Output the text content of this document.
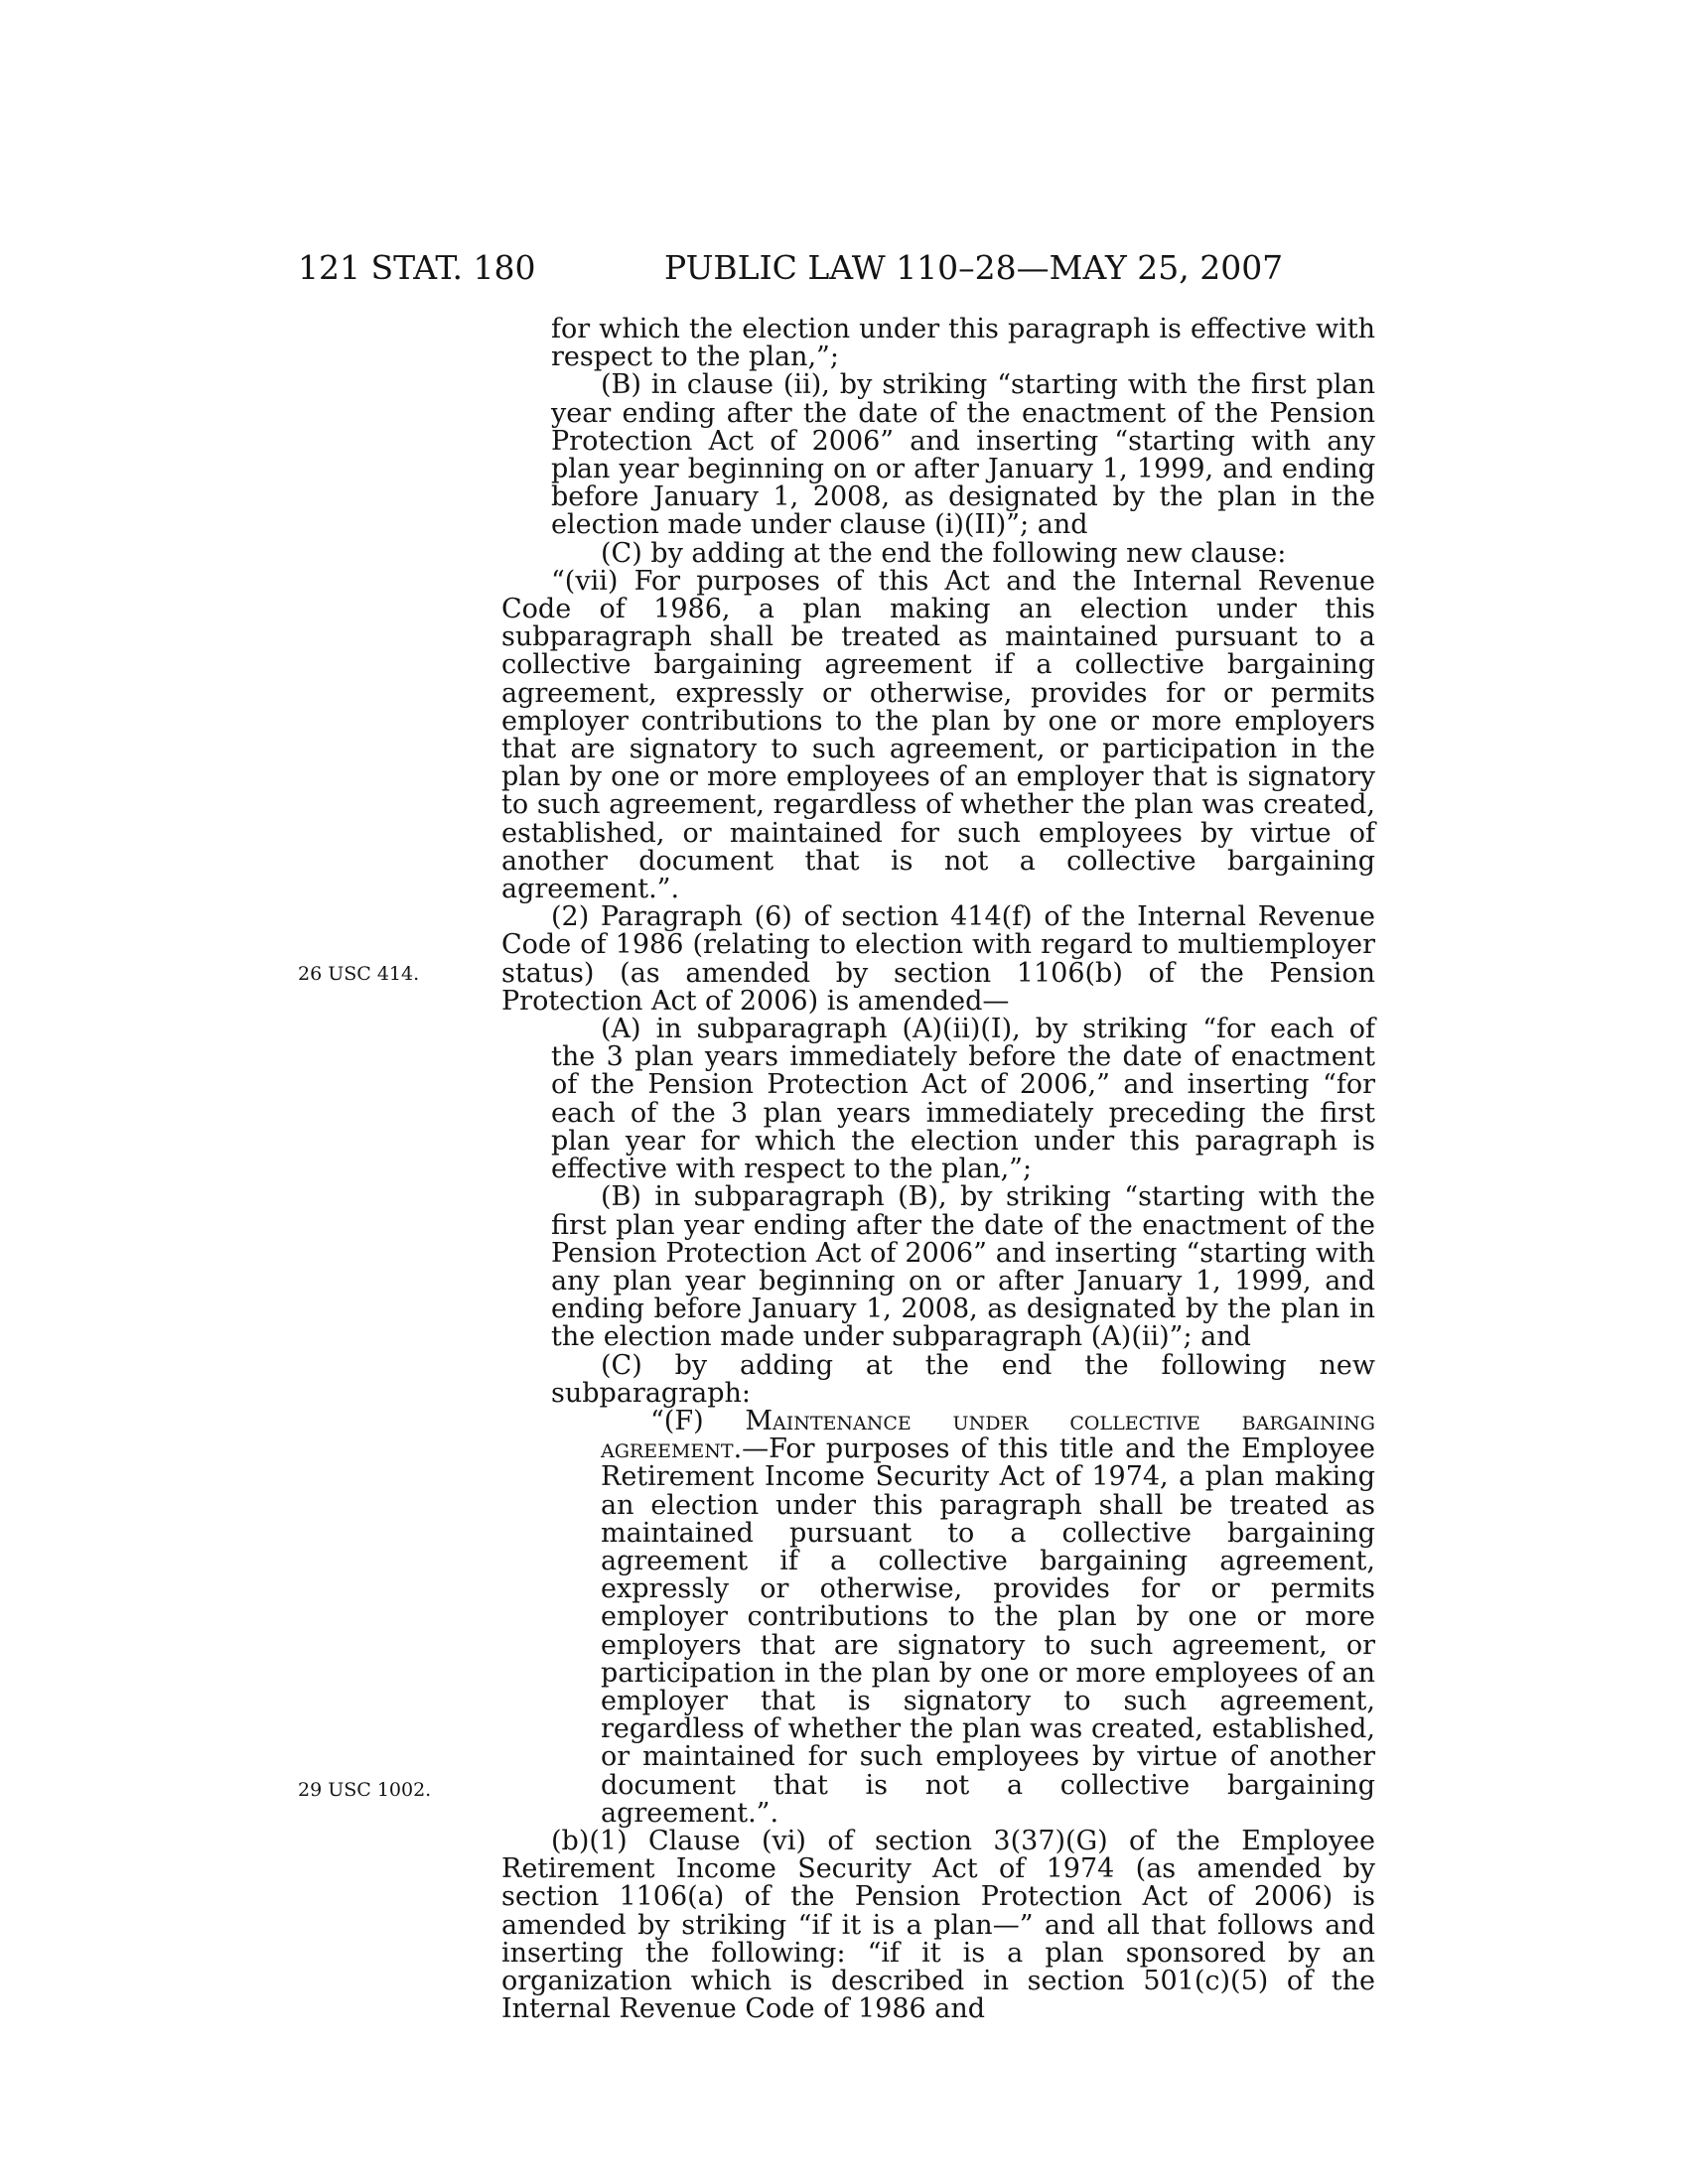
121 STAT. 180	PUBLIC LAW 110–28—MAY 25, 2007
26 USC 414.
29 USC 1002.

for which the election under this paragraph is effective with respect to the plan,”;

(B) in clause (ii), by striking “starting with the first plan year ending after the date of the enactment of the Pension Protection Act of 2006” and inserting “starting with any plan year beginning on or after January 1, 1999, and ending before January 1, 2008, as designated by the plan in the election made under clause (i)(II)”; and

(C) by adding at the end the following new clause:

“(vii) For purposes of this Act and the Internal Revenue Code of 1986, a plan making an election under this subparagraph shall be treated as maintained pursuant to a collective bargaining agreement if a collective bargaining agreement, expressly or otherwise, provides for or permits employer contributions to the plan by one or more employers that are signatory to such agreement, or participation in the plan by one or more employees of an employer that is signatory to such agreement, regardless of whether the plan was created, established, or maintained for such employees by virtue of another document that is not a collective bargaining agreement.”.

(2) Paragraph (6) of section 414(f) of the Internal Revenue Code of 1986 (relating to election with regard to multiemployer status) (as amended by section 1106(b) of the Pension Protection Act of 2006) is amended—

(A) in subparagraph (A)(ii)(I), by striking “for each of the 3 plan years immediately before the date of enactment of the Pension Protection Act of 2006,” and inserting “for each of the 3 plan years immediately preceding the first plan year for which the election under this paragraph is effective with respect to the plan,”;

(B) in subparagraph (B), by striking “starting with the first plan year ending after the date of the enactment of the Pension Protection Act of 2006” and inserting “starting with any plan year beginning on or after January 1, 1999, and ending before January 1, 2008, as designated by the plan in the election made under subparagraph (A)(ii)”; and

(C) by adding at the end the following new subparagraph:

“(F) Maintenance under collective bargaining agreement.—For purposes of this title and the Employee Retirement Income Security Act of 1974, a plan making an election under this paragraph shall be treated as maintained pursuant to a collective bargaining agreement if a collective bargaining agreement, expressly or otherwise, provides for or permits employer contributions to the plan by one or more employers that are signatory to such agreement, or participation in the plan by one or more employees of an employer that is signatory to such agreement, regardless of whether the plan was created, established, or maintained for such employees by virtue of another document that is not a collective bargaining agreement.”.

(b)(1) Clause (vi) of section 3(37)(G) of the Employee Retirement Income Security Act of 1974 (as amended by section 1106(a) of the Pension Protection Act of 2006) is amended by striking “if it is a plan—” and all that follows and inserting the following: “if it is a plan sponsored by an organization which is described in section 501(c)(5) of the Internal Revenue Code of 1986 and
